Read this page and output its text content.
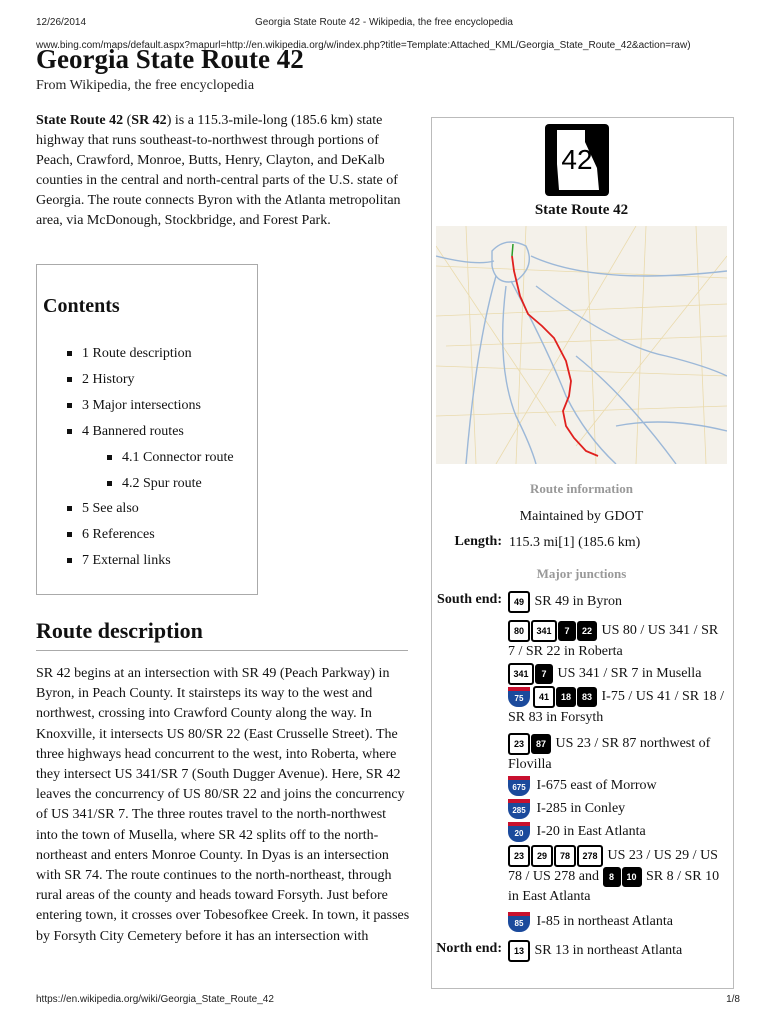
12/26/2014	Georgia State Route 42 - Wikipedia, the free encyclopedia
www.bing.com/maps/default.aspx?mapurl=http://en.wikipedia.org/w/index.php?title=Template:Attached_KML/Georgia_State_Route_42&action=raw)
Georgia State Route 42
From Wikipedia, the free encyclopedia
State Route 42 (SR 42) is a 115.3-mile-long (185.6 km) state highway that runs southeast-to-northwest through portions of Peach, Crawford, Monroe, Butts, Henry, Clayton, and DeKalb counties in the central and north-central parts of the U.S. state of Georgia. The route connects Byron with the Atlanta metropolitan area, via McDonough, Stockbridge, and Forest Park.
Contents
1 Route description
2 History
3 Major intersections
4 Bannered routes
4.1 Connector route
4.2 Spur route
5 See also
6 References
7 External links
Route description
SR 42 begins at an intersection with SR 49 (Peach Parkway) in Byron, in Peach County. It stairsteps its way to the west and northwest, crossing into Crawford County along the way. In Knoxville, it intersects US 80/SR 22 (East Crusselle Street). The three highways head concurrent to the west, into Roberta, where they intersect US 341/SR 7 (South Dugger Avenue). Here, SR 42 leaves the concurrency of US 80/SR 22 and joins the concurrency of US 341/SR 7. The three routes travel to the north-northwest into the town of Musella, where SR 42 splits off to the north-northeast and enters Monroe County. In Dyas is an intersection with SR 74. The route continues to the north-northeast, through rural areas of the county and heads toward Forsyth. Just before entering town, it crosses over Tobesofkee Creek. In town, it passes by Forsyth City Cemetery before it has an intersection with
42
State Route 42
Route information
Maintained by GDOT
Length: 115.3 mi[1] (185.6 km)
Major junctions
South end:	49 SR 49 in Byron
80 341 7 22 US 80 / US 341 / SR 7 / SR 22 in Roberta
341 7 US 341 / SR 7 in Musella
75 41 18 83 I-75 / US 41 / SR 18 / SR 83 in Forsyth
23 87 US 23 / SR 87 northwest of Flovilla
675 I-675 east of Morrow
285 I-285 in Conley
20 I-20 in East Atlanta
23 29 78 278 US 23 / US 29 / US 78 / US 278 and 8 10 SR 8 / SR 10 in East Atlanta
85 I-85 in northeast Atlanta
North end:	13 SR 13 in northeast Atlanta
https://en.wikipedia.org/wiki/Georgia_State_Route_42	1/8
